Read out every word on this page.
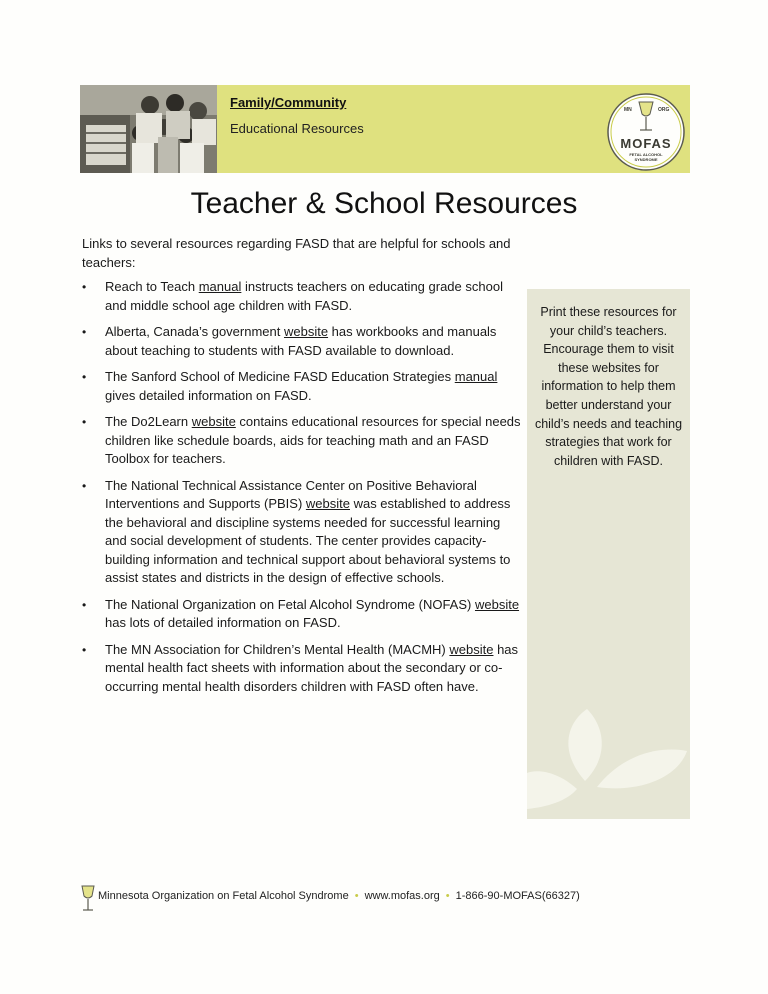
Family/Community
Educational Resources
MN	ORG
MOFAS
FETAL ALCOHOL
SYNDROME
Teacher & School Resources
Links to several resources regarding FASD that are helpful for schools and teachers:
• Reach to Teach manual instructs teachers on educating grade school and middle school age children with FASD.
• Alberta, Canada’s government website has workbooks and manuals about teaching to students with FASD available to download.
• The Sanford School of Medicine FASD Education Strategies manual gives detailed information on FASD.
• The Do2Learn website contains educational resources for special needs children like schedule boards, aids for teaching math and an FASD Toolbox for teachers.
• The National Technical Assistance Center on Positive Behavioral Interventions and Supports (PBIS) website was established to address the behavioral and discipline systems needed for successful learning and social development of students. The center provides capacity-building information and technical support about behavioral systems to assist states and districts in the design of effective schools.
• The National Organization on Fetal Alcohol Syndrome (NOFAS) website has lots of detailed information on FASD.
• The MN Association for Children’s Mental Health (MACMH) website has mental health fact sheets with information about the secondary or co-occurring mental health disorders children with FASD often have.
Print these resources for your child’s teachers. Encourage them to visit these websites for information to help them better understand your child’s needs and teaching strategies that work for children with FASD.
Minnesota Organization on Fetal Alcohol Syndrome • www.mofas.org • 1-866-90-MOFAS(66327)
